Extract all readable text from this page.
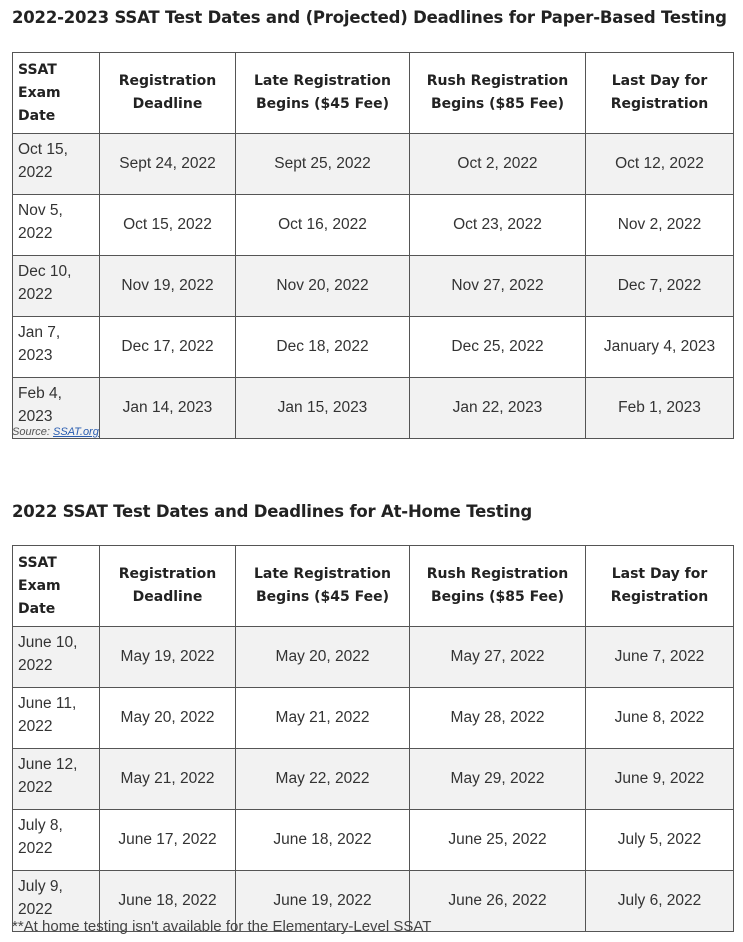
2022-2023 SSAT Test Dates and (Projected) Deadlines for Paper-Based Testing
SSAT Exam Date	Registration Deadline	Late Registration Begins ($45 Fee)	Rush Registration Begins ($85 Fee)	Last Day for Registration
Oct 15, 2022	Sept 24, 2022	Sept 25, 2022	Oct 2, 2022	Oct 12, 2022
Nov 5, 2022	Oct 15, 2022	Oct 16, 2022	Oct 23, 2022	Nov 2, 2022
Dec 10, 2022	Nov 19, 2022	Nov 20, 2022	Nov 27, 2022	Dec 7, 2022
Jan 7, 2023	Dec 17, 2022	Dec 18, 2022	Dec 25, 2022	January 4, 2023
Feb 4, 2023	Jan 14, 2023	Jan 15, 2023	Jan 22, 2023	Feb 1, 2023
Source: SSAT.org
2022 SSAT Test Dates and Deadlines for At-Home Testing
SSAT Exam Date	Registration Deadline	Late Registration Begins ($45 Fee)	Rush Registration Begins ($85 Fee)	Last Day for Registration
June 10, 2022	May 19, 2022	May 20, 2022	May 27, 2022	June 7, 2022
June 11, 2022	May 20, 2022	May 21, 2022	May 28, 2022	June 8, 2022
June 12, 2022	May 21, 2022	May 22, 2022	May 29, 2022	June 9, 2022
July 8, 2022	June 17, 2022	June 18, 2022	June 25, 2022	July 5, 2022
July 9, 2022	June 18, 2022	June 19, 2022	June 26, 2022	July 6, 2022
**At home testing isn't available for the Elementary-Level SSAT
